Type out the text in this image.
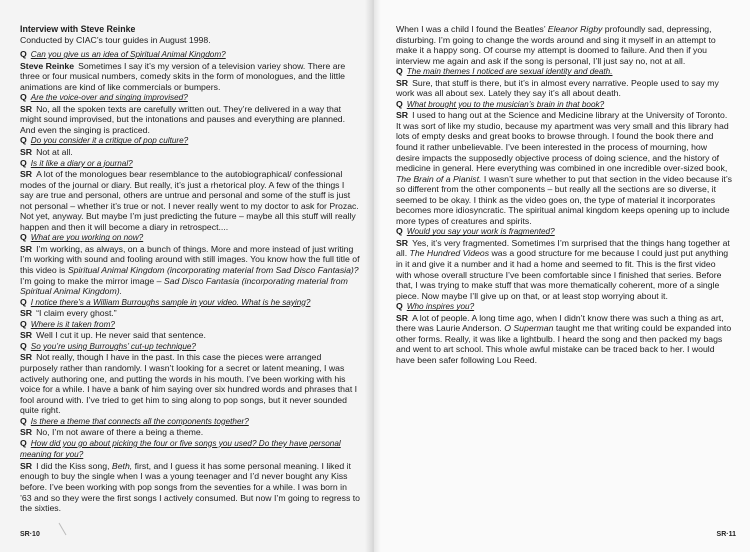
Interview with Steve Reinke
Conducted by CIAC’s tour guides in August 1998.

Q Can you give us an idea of Spiritual Animal Kingdom?

Steve Reinke Sometimes I say it’s my version of a television variey show. There are three or four musical numbers, comedy skits in the form of monologues, and the little animations are kind of like commercials or bumpers.

Q Are the voice-over and singing improvised?

SR No, all the spoken texts are carefully written out. They’re delivered in a way that might sound improvised, but the intonations and pauses and everything are planned. And even the singing is practiced.

Q Do you consider it a critique of pop culture?

SR Not at all.

Q Is it like a diary or a journal?

SR A lot of the monologues bear resemblance to the autobiographical/ confessional modes of the journal or diary. But really, it’s just a rhetorical ploy. A few of the things I say are true and personal, others are untrue and personal and some of the stuff is just not personal – whether it’s true or not. I never really went to my doctor to ask for Prozac. Not yet, anyway. But maybe I’m just predicting the future – maybe all this stuff will really happen and then it will become a diary in retrospect....

Q What are you working on now?

SR I’m working, as always, on a bunch of things. More and more instead of just writing I’m working with sound and fooling around with still images. You know how the full title of this video is Spiritual Animal Kingdom (incorporating material from Sad Disco Fantasia)? I’m going to make the mirror image – Sad Disco Fantasia (incorporating material from Spiritual Animal Kingdom).

Q I notice there’s a William Burroughs sample in your video. What is he saying?

SR “I claim every ghost.”

Q Where is it taken from?

SR Well I cut it up. He never said that sentence.

Q So you’re using Burroughs’ cut-up technique?

SR Not really, though I have in the past. In this case the pieces were arranged purposely rather than randomly. I wasn’t looking for a secret or latent meaning, I was actively authoring one, and putting the words in his mouth. I’ve been working with his voice for a while. I have a bank of him saying over six hundred words and phrases that I fool around with. I’ve tried to get him to sing along to pop songs, but it never sounded quite right.

Q Is there a theme that connects all the components together?

SR No, I’m not aware of there a being a theme.

Q How did you go about picking the four or five songs you used? Do they have personal meaning for you?

SR I did the Kiss song, Beth, first, and I guess it has some personal meaning. I liked it enough to buy the single when I was a young teenager and I’d never bought any Kiss before. I’ve been working with pop songs from the seventies for a while. I was born in ’63 and so they were the first songs I actively consumed. But now I’m going to regress to the sixties.

SR·10

When I was a child I found the Beatles’ Eleanor Rigby profoundly sad, depressing, disturbing. I’m going to change the words around and sing it myself in an attempt to make it a happy song. Of course my attempt is doomed to failure. And then if you interview me again and ask if the song is personal, I’ll just say no, not at all.

Q The main themes I noticed are sexual identity and death.

SR Sure, that stuff is there, but it’s in almost every narrative. People used to say my work was all about sex. Lately they say it’s all about death.

Q What brought you to the musician’s brain in that book?

SR I used to hang out at the Science and Medicine library at the University of Toronto. It was sort of like my studio, because my apartment was very small and this library had lots of empty desks and great books to browse through. I found the book there and found it rather unbelievable. I’ve been interested in the process of mourning, how desire impacts the supposedly objective process of doing science, and the history of medicine in general. Here everything was combined in one incredible over-sized book, The Brain of a Pianist. I wasn’t sure whether to put that section in the video because it’s so different from the other components – but really all the sections are so diverse, it seemed to be okay. I think as the video goes on, the type of material it incorporates becomes more idiosyncratic. The spiritual animal kingdom keeps opening up to include more types of creatures and spirits.

Q Would you say your work is fragmented?

SR Yes, it’s very fragmented. Sometimes I’m surprised that the things hang together at all. The Hundred Videos was a good structure for me because I could just put anything in it and give it a number and it had a home and seemed to fit. This is the first video with whose overall structure I’ve been comfortable since I finished that series. Before that, I was trying to make stuff that was more thematically coherent, more of a single piece. Now maybe I’ll give up on that, or at least stop worrying about it.

Q Who inspires you?

SR A lot of people. A long time ago, when I didn’t know there was such a thing as art, there was Laurie Anderson. O Superman taught me that writing could be expanded into other forms. Really, it was like a lightbulb. I heard the song and then packed my bags and went to art school. This whole awful mistake can be traced back to her. I would have been safer following Lou Reed.

SR·11
